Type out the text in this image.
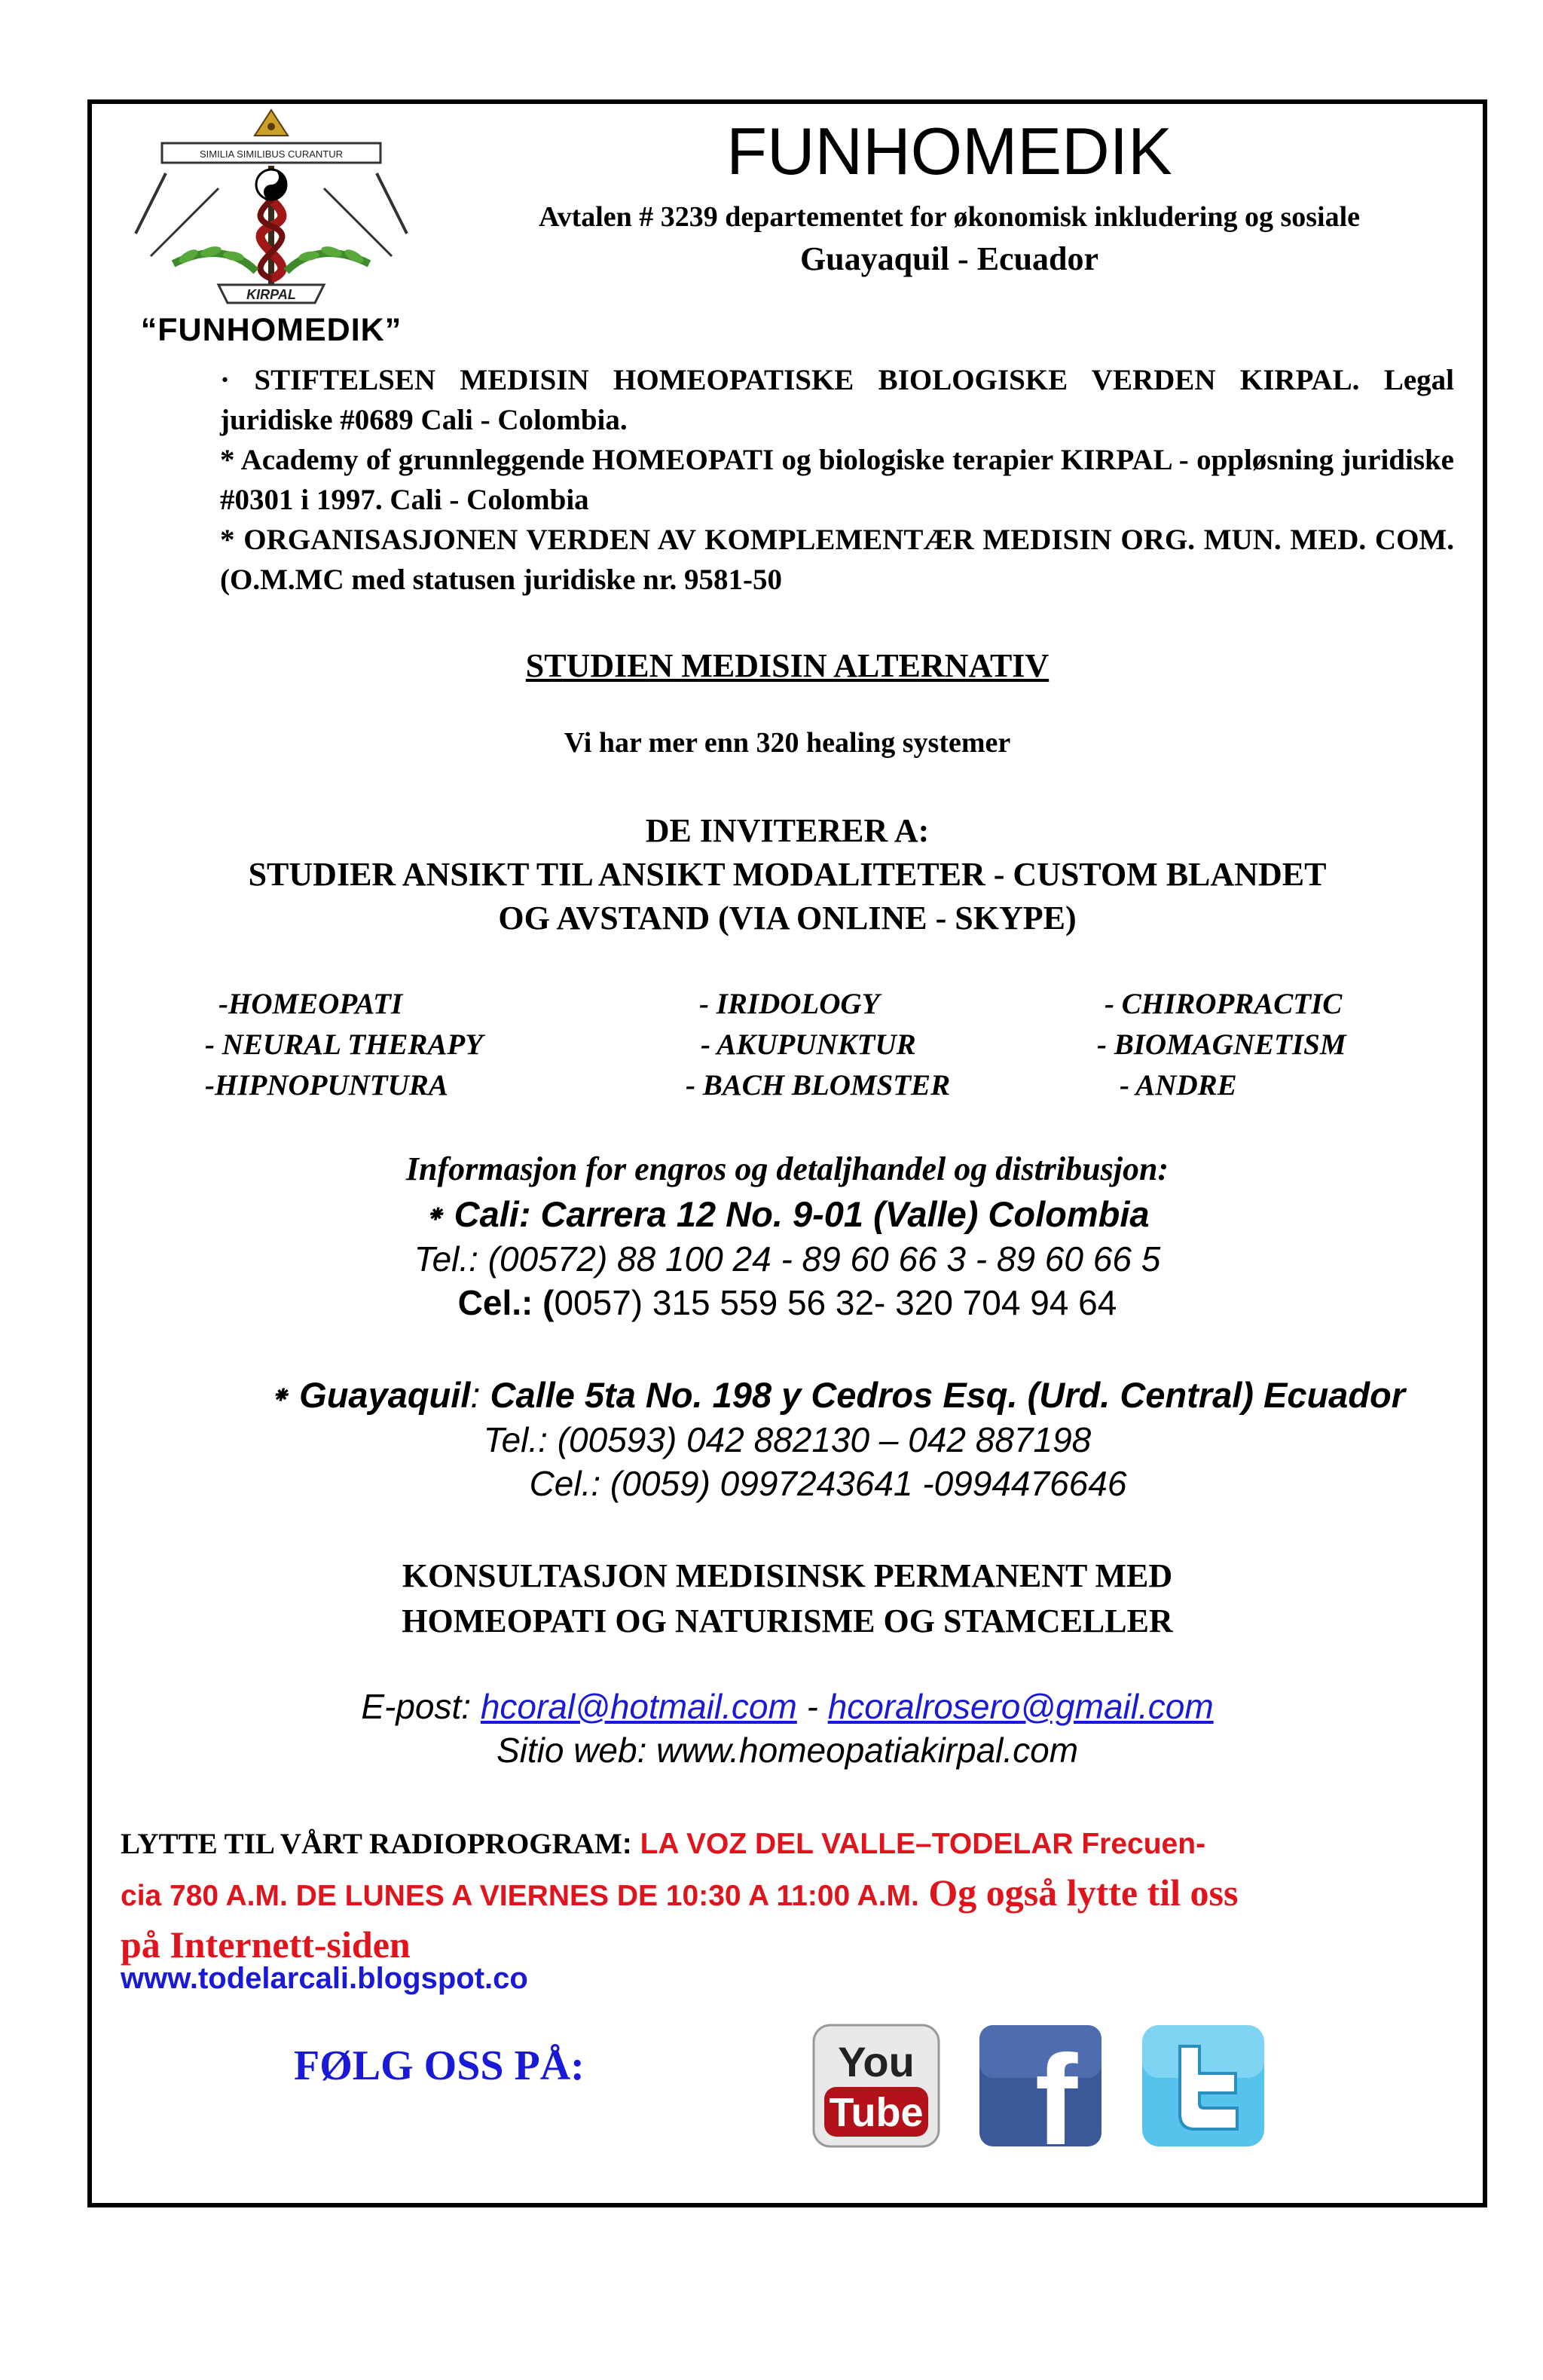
SIMILIA SIMILIBUS CURANTUR
KIRPAL
“FUNHOMEDIK”
FUNHOMEDIK
Avtalen # 3239 departementet for økonomisk inkludering og sosiale
Guayaquil - Ecuador

· STIFTELSEN MEDISIN HOMEOPATISKE BIOLOGISKE VERDEN KIRPAL. Legal juridiske #0689 Cali - Colombia.

* Academy of grunnleggende HOMEOPATI og biologiske terapier KIRPAL - oppløsning juridiske #0301 i 1997. Cali - Colombia

* ORGANISASJONEN VERDEN AV KOMPLEMENTÆR MEDISIN ORG. MUN. MED. COM. (O.M.MC med statusen juridiske nr. 9581-50

STUDIEN MEDISIN ALTERNATIV
Vi har mer enn 320 healing systemer
DE INVITERER A:
STUDIER ANSIKT TIL ANSIKT MODALITETER - CUSTOM BLANDET
OG AVSTAND (VIA ONLINE - SKYPE)
-HOMEOPATI
- NEURAL THERAPY
-HIPNOPUNTURA
- IRIDOLOGY
- AKUPUNKTUR
- BACH BLOMSTER
- CHIROPRACTIC
- BIOMAGNETISM
- ANDRE
Informasjon for engros og detaljhandel og distribusjon:
⁕ Cali: Carrera 12 No. 9-01 (Valle) Colombia
Tel.: (00572) 88 100 24 - 89 60 66 3 - 89 60 66 5
Cel.: (0057) 315 559 56 32- 320 704 94 64
⁕ Guayaquil: Calle 5ta No. 198 y Cedros Esq. (Urd. Central) Ecuador
Tel.: (00593) 042 882130 – 042 887198
Cel.: (0059) 0997243641 -0994476646
KONSULTASJON MEDISINSK PERMANENT MED
HOMEOPATI OG NATURISME OG STAMCELLER
E-post: hcoral@hotmail.com - hcoralrosero@gmail.com
Sitio web: www.homeopatiakirpal.com
LYTTE TIL VÅRT RADIOPROGRAM: LA VOZ DEL VALLE–TODELAR Frecuen-
cia 780 A.M. DE LUNES A VIERNES DE 10:30 A 11:00 A.M. Og også lytte til oss
på Internett-siden
www.todelarcali.blogspot.co
FØLG OSS PÅ:	You
Tube f
